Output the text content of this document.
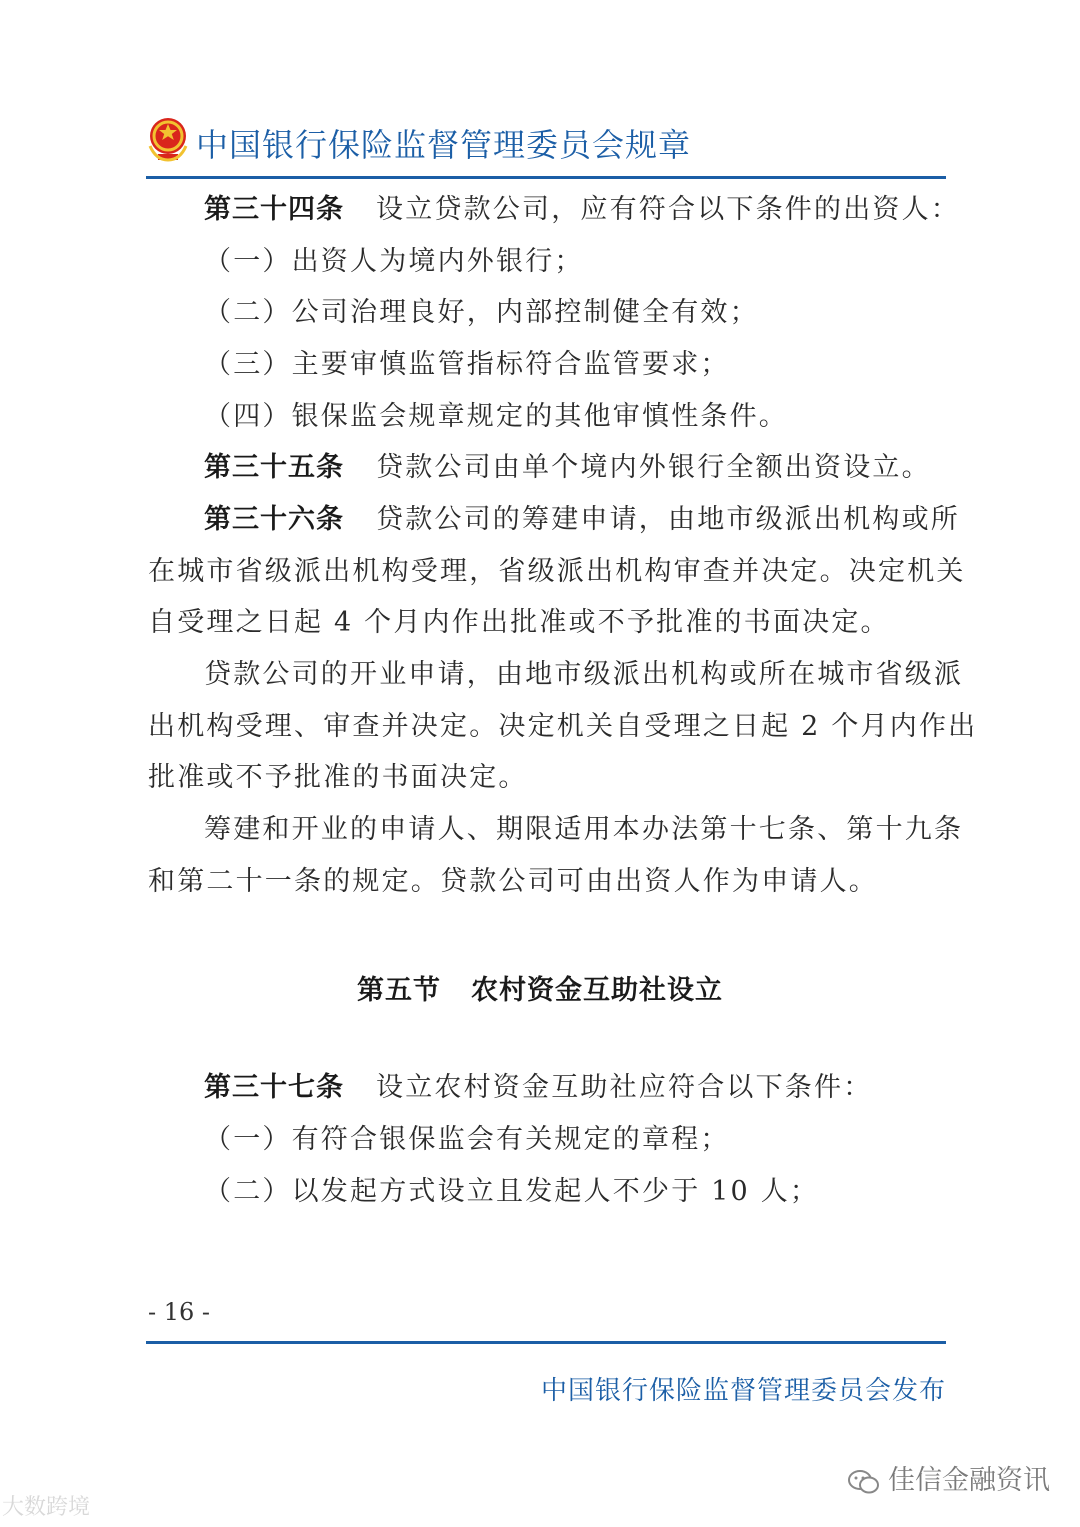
中国银行保险监督管理委员会规章
第三十四条 设立贷款公司，应有符合以下条件的出资人：
（一）出资人为境内外银行；
（二）公司治理良好，内部控制健全有效；
（三）主要审慎监管指标符合监管要求；
（四）银保监会规章规定的其他审慎性条件。
第三十五条 贷款公司由单个境内外银行全额出资设立。
第三十六条 贷款公司的筹建申请，由地市级派出机构或所
在城市省级派出机构受理，省级派出机构审查并决定。决定机关
自受理之日起 4 个月内作出批准或不予批准的书面决定。
贷款公司的开业申请，由地市级派出机构或所在城市省级派
出机构受理、审查并决定。决定机关自受理之日起 2 个月内作出
批准或不予批准的书面决定。
筹建和开业的申请人、期限适用本办法第十七条、第十九条
和第二十一条的规定。贷款公司可由出资人作为申请人。
第五节 农村资金互助社设立
第三十七条 设立农村资金互助社应符合以下条件：
（一）有符合银保监会有关规定的章程；
（二）以发起方式设立且发起人不少于 10 人；
- 16 -
中国银行保险监督管理委员会发布
佳信金融资讯
大数跨境
